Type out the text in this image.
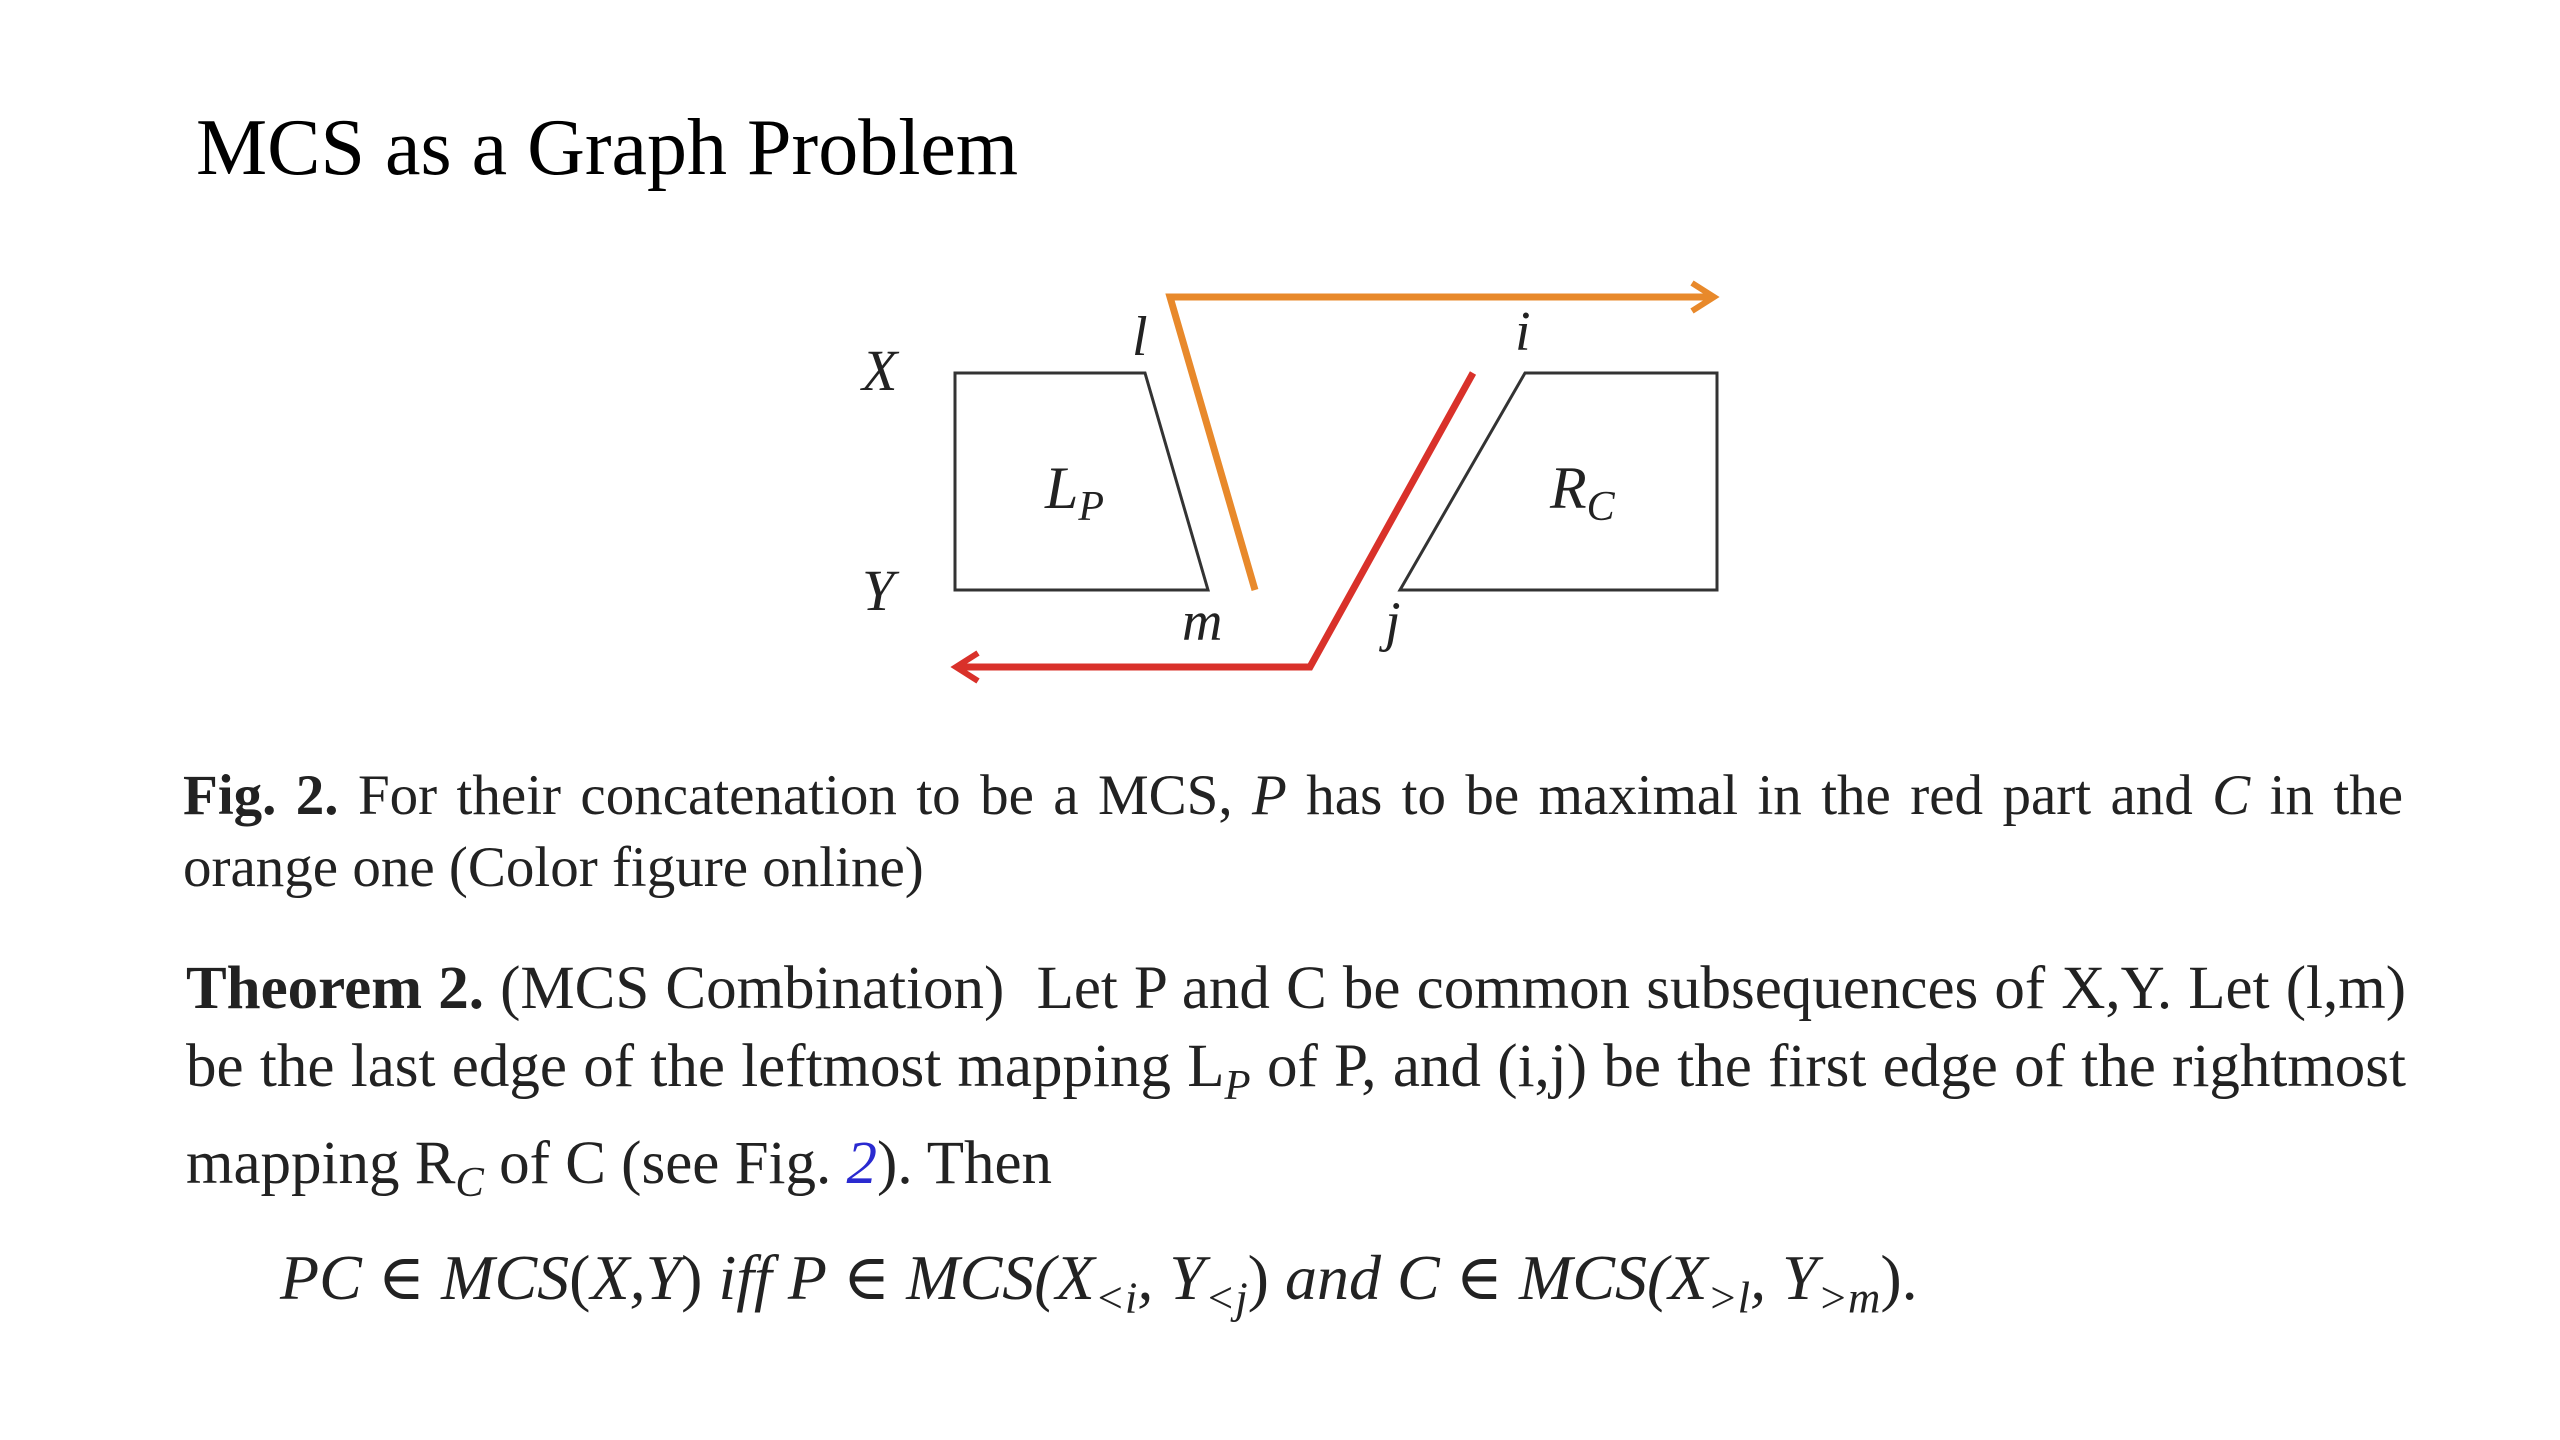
MCS as a Graph Problem
X
Y
l	i
m	j
$L_P$	$R_C$
Fig. 2. For their concatenation to be a MCS, P has to be maximal in the red part and C in the orange one (Color figure online)
Theorem 2. (MCS Combination) Let P and C be common subsequences of X,Y. Let (l,m) be the last edge of the leftmost mapping $L_P$ of P, and (i,j) be the first edge of the rightmost mapping $R_C$ of C (see Fig. 2). Then
PC ∈ MCS(X,Y) iff P ∈ $MCS(X_{<i}$, $Y_{<j}$) and C ∈ $MCS(X_{>l}$, $Y_{>m}$).
